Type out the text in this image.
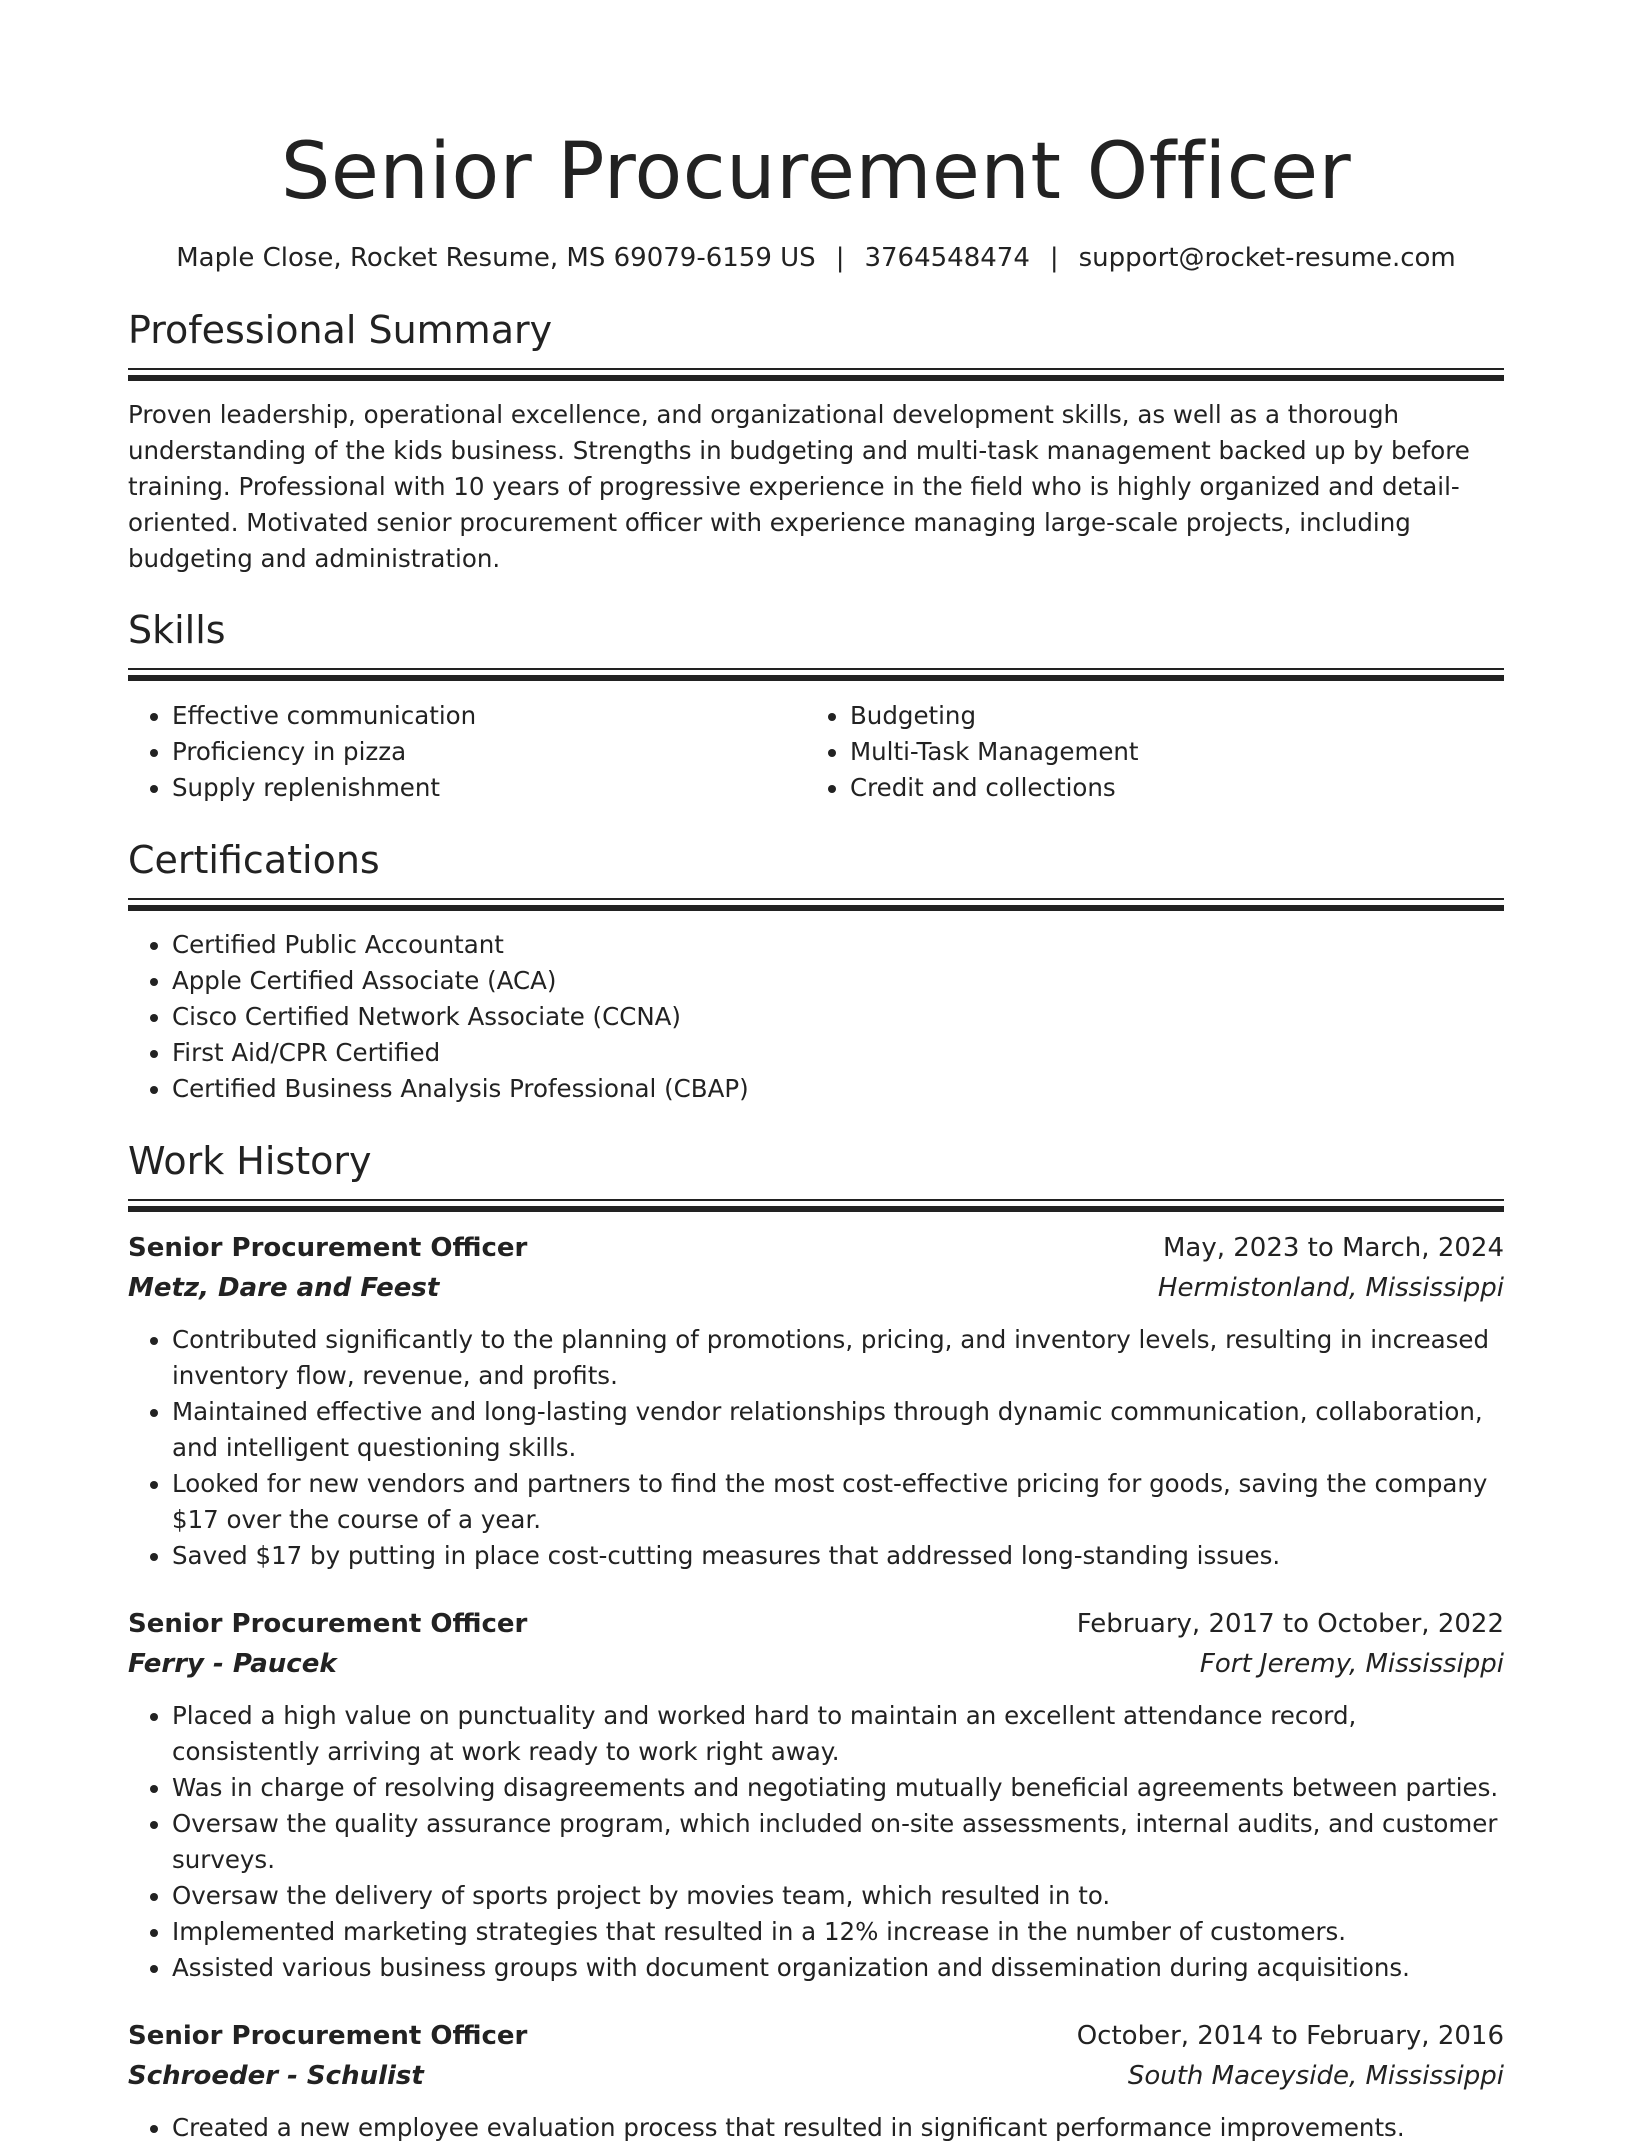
Senior Procurement Officer
Maple Close, Rocket Resume, MS 69079-6159 US | 3764548474 | support@rocket-resume.com
Professional Summary

Proven leadership, operational excellence, and organizational development skills, as well as a thorough understanding of the kids business. Strengths in budgeting and multi-task management backed up by before training. Professional with 10 years of progressive experience in the field who is highly organized and detail-oriented. Motivated senior procurement officer with experience managing large-scale projects, including budgeting and administration.

Skills
• Effective communication
• Proficiency in pizza
• Supply replenishment
• Budgeting
• Multi-Task Management
• Credit and collections
Certifications
• Certified Public Accountant
• Apple Certified Associate (ACA)
• Cisco Certified Network Associate (CCNA)
• First Aid/CPR Certified
• Certified Business Analysis Professional (CBAP)
Work History
Senior Procurement Officer	May, 2023 to March, 2024
Metz, Dare and Feest	Hermistonland, Mississippi
• Contributed significantly to the planning of promotions, pricing, and inventory levels, resulting in increased inventory flow, revenue, and profits.
• Maintained effective and long-lasting vendor relationships through dynamic communication, collaboration, and intelligent questioning skills.
• Looked for new vendors and partners to find the most cost-effective pricing for goods, saving the company $17 over the course of a year.
• Saved $17 by putting in place cost-cutting measures that addressed long-standing issues.
Senior Procurement Officer	February, 2017 to October, 2022
Ferry - Paucek	Fort Jeremy, Mississippi
• Placed a high value on punctuality and worked hard to maintain an excellent attendance record, consistently arriving at work ready to work right away.
• Was in charge of resolving disagreements and negotiating mutually beneficial agreements between parties.
• Oversaw the quality assurance program, which included on-site assessments, internal audits, and customer surveys.
• Oversaw the delivery of sports project by movies team, which resulted in to.
• Implemented marketing strategies that resulted in a 12% increase in the number of customers.
• Assisted various business groups with document organization and dissemination during acquisitions.
Senior Procurement Officer	October, 2014 to February, 2016
Schroeder - Schulist	South Maceyside, Mississippi
• Created a new employee evaluation process that resulted in significant performance improvements.
